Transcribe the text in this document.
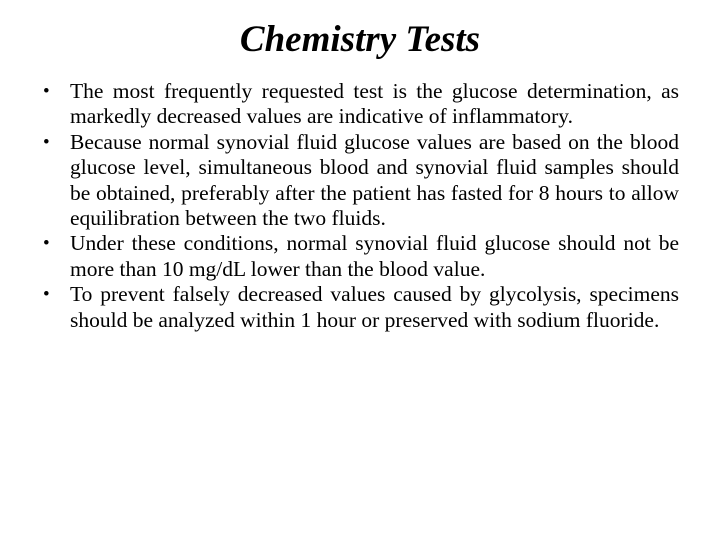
Chemistry Tests
• The most frequently requested test is the glucose determination, as markedly decreased values are indicative of inflammatory.
• Because normal synovial fluid glucose values are based on the blood glucose level, simultaneous blood and synovial fluid samples should be obtained, preferably after the patient has fasted for 8 hours to allow equilibration between the two fluids.
• Under these conditions, normal synovial fluid glucose should not be more than 10 mg/dL lower than the blood value.
• To prevent falsely decreased values caused by glycolysis, specimens should be analyzed within 1 hour or preserved with sodium fluoride.
